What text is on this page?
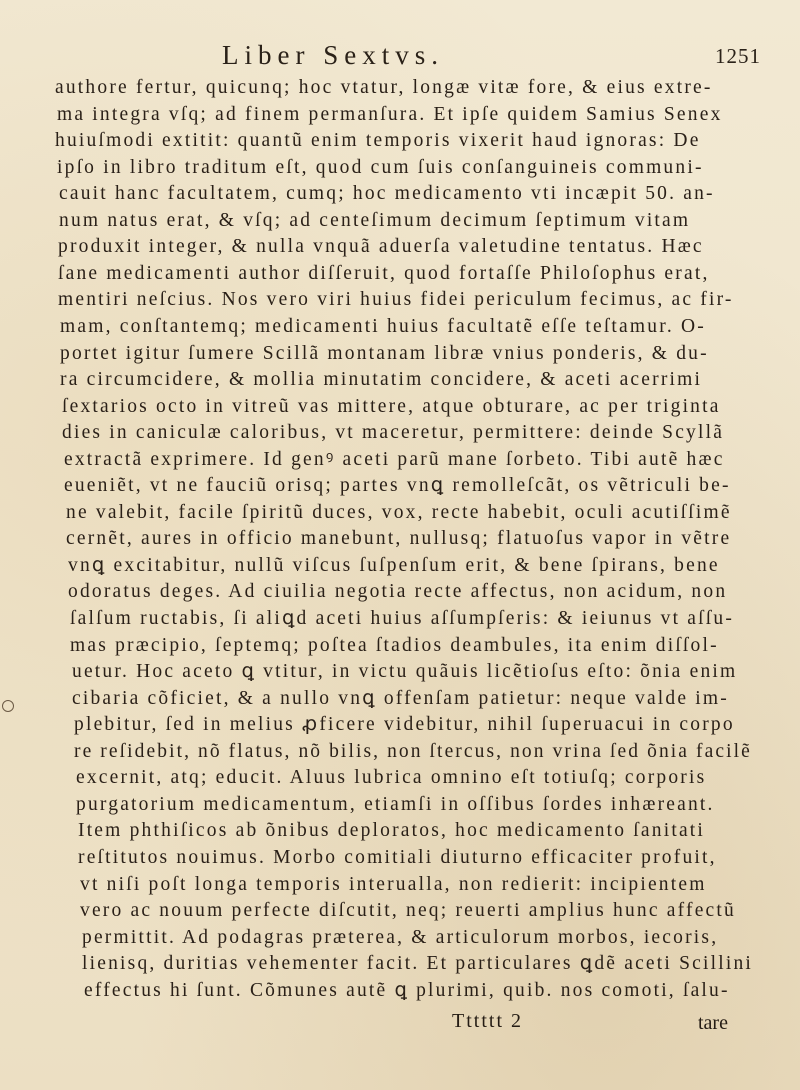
Liber Sextvs.	1251
authore fertur, quicunq; hoc vtatur, longæ vitæ fore, & eius extre-
ma integra vſq; ad finem permanſura. Et ipſe quidem Samius Senex
huiuſmodi extitit: quantũ enim temporis vixerit haud ignoras: De
ipſo in libro traditum eſt, quod cum ſuis conſanguineis communi-
cauit hanc facultatem, cumq; hoc medicamento vti incæpit 50. an-
num natus erat, & vſq; ad centeſimum decimum ſeptimum vitam
produxit integer, & nulla vnquã aduerſa valetudine tentatus. Hæc
ſane medicamenti author diſſeruit, quod fortaſſe Philoſophus erat,
mentiri neſcius. Nos vero viri huius fidei periculum fecimus, ac fir-
mam, conſtantemq; medicamenti huius facultatẽ eſſe teſtamur. O-
portet igitur ſumere Scillã montanam libræ vnius ponderis, & du-
ra circumcidere, & mollia minutatim concidere, & aceti acerrimi
ſextarios octo in vitreũ vas mittere, atque obturare, ac per triginta
dies in caniculæ caloribus, vt maceretur, permittere: deinde Scyllã
extractã exprimere. Id genꝰ aceti parũ mane ſorbeto. Tibi autẽ hæc
eueniẽt, vt ne fauciũ orisq; partes vnꝗ remolleſcãt, os vẽtriculi be-
ne valebit, facile ſpiritũ duces, vox, recte habebit, oculi acutiſſimẽ
cernẽt, aures in officio manebunt, nullusq; flatuoſus vapor in vẽtre
vnꝗ excitabitur, nullũ viſcus ſuſpenſum erit, & bene ſpirans, bene
odoratus deges. Ad ciuilia negotia recte affectus, non acidum, non
ſalſum ructabis, ſi aliꝗd aceti huius aſſumpſeris: & ieiunus vt aſſu-
mas præcipio, ſeptemq; poſtea ſtadios deambules, ita enim diſſol-
uetur. Hoc aceto ꝗ vtitur, in victu quãuis licẽtioſus eſto: õnia enim
cibaria cõficiet, & a nullo vnꝗ offenſam patietur: neque valde im-
plebitur, ſed in melius ꝓficere videbitur, nihil ſuperuacui in corpo
re reſidebit, nõ flatus, nõ bilis, non ſtercus, non vrina ſed õnia facilẽ
excernit, atq; educit. Aluus lubrica omnino eſt totiuſq; corporis
purgatorium medicamentum, etiamſi in oſſibus ſordes inhæreant.
Item phthiſicos ab õnibus deploratos, hoc medicamento ſanitati
reſtitutos nouimus. Morbo comitiali diuturno efficaciter profuit,
vt niſi poſt longa temporis interualla, non redierit: incipientem
vero ac nouum perfecte diſcutit, neq; reuerti amplius hunc affectũ
permittit. Ad podagras præterea, & articulorum morbos, iecoris,
lienisq, duritias vehementer facit. Et particulares ꝗdẽ aceti Scillini
effectus hi ſunt. Cõmunes autẽ ꝗ plurimi, quib. nos comoti, ſalu-
Tttttt 2	tare
